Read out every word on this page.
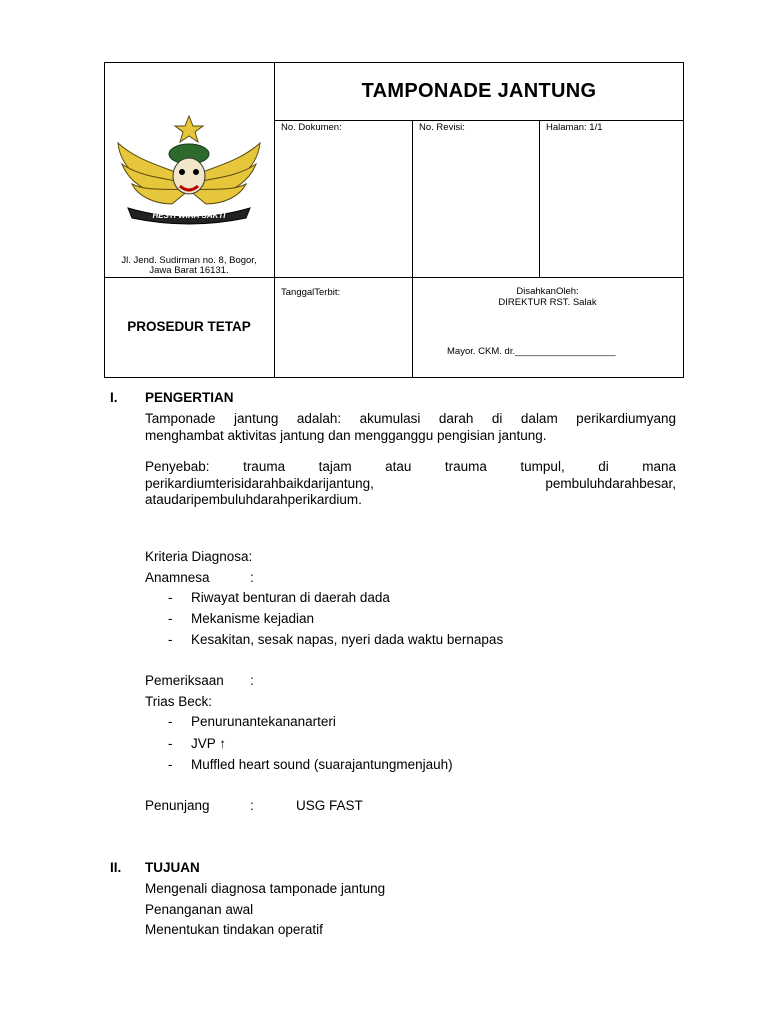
HESTI WIRA SAKTI
Jl. Jend. Sudirman no. 8, Bogor,
Jawa Barat 16131.
TAMPONADE JANTUNG
No. Dokumen:	No. Revisi:	Halaman: 1/1
PROSEDUR TETAP
TanggalTerbit:	DisahkanOleh:
DIREKTUR RST. Salak
Mayor. CKM. dr.___________________
I. PENGERTIAN
Tamponade jantung adalah: akumulasi darah di dalam perikardiumyang
menghambat aktivitas jantung dan mengganggu pengisian jantung.
Penyebab: trauma tajam atau trauma tumpul, di mana
perikardiumterisidarahbaikdarijantung, pembuluhdarahbesar,
ataudaripembuluhdarahperikardium.
Kriteria Diagnosa:
Anamnesa	:
- Riwayat benturan di daerah dada
- Mekanisme kejadian
- Kesakitan, sesak napas, nyeri dada waktu bernapas
Pemeriksaan :
Trias Beck:
- Penurunantekananarteri
- JVP ↑
- Muffled heart sound (suarajantungmenjauh)
Penunjang	:	USG FAST
II. TUJUAN
Mengenali diagnosa tamponade jantung
Penanganan awal
Menentukan tindakan operatif
